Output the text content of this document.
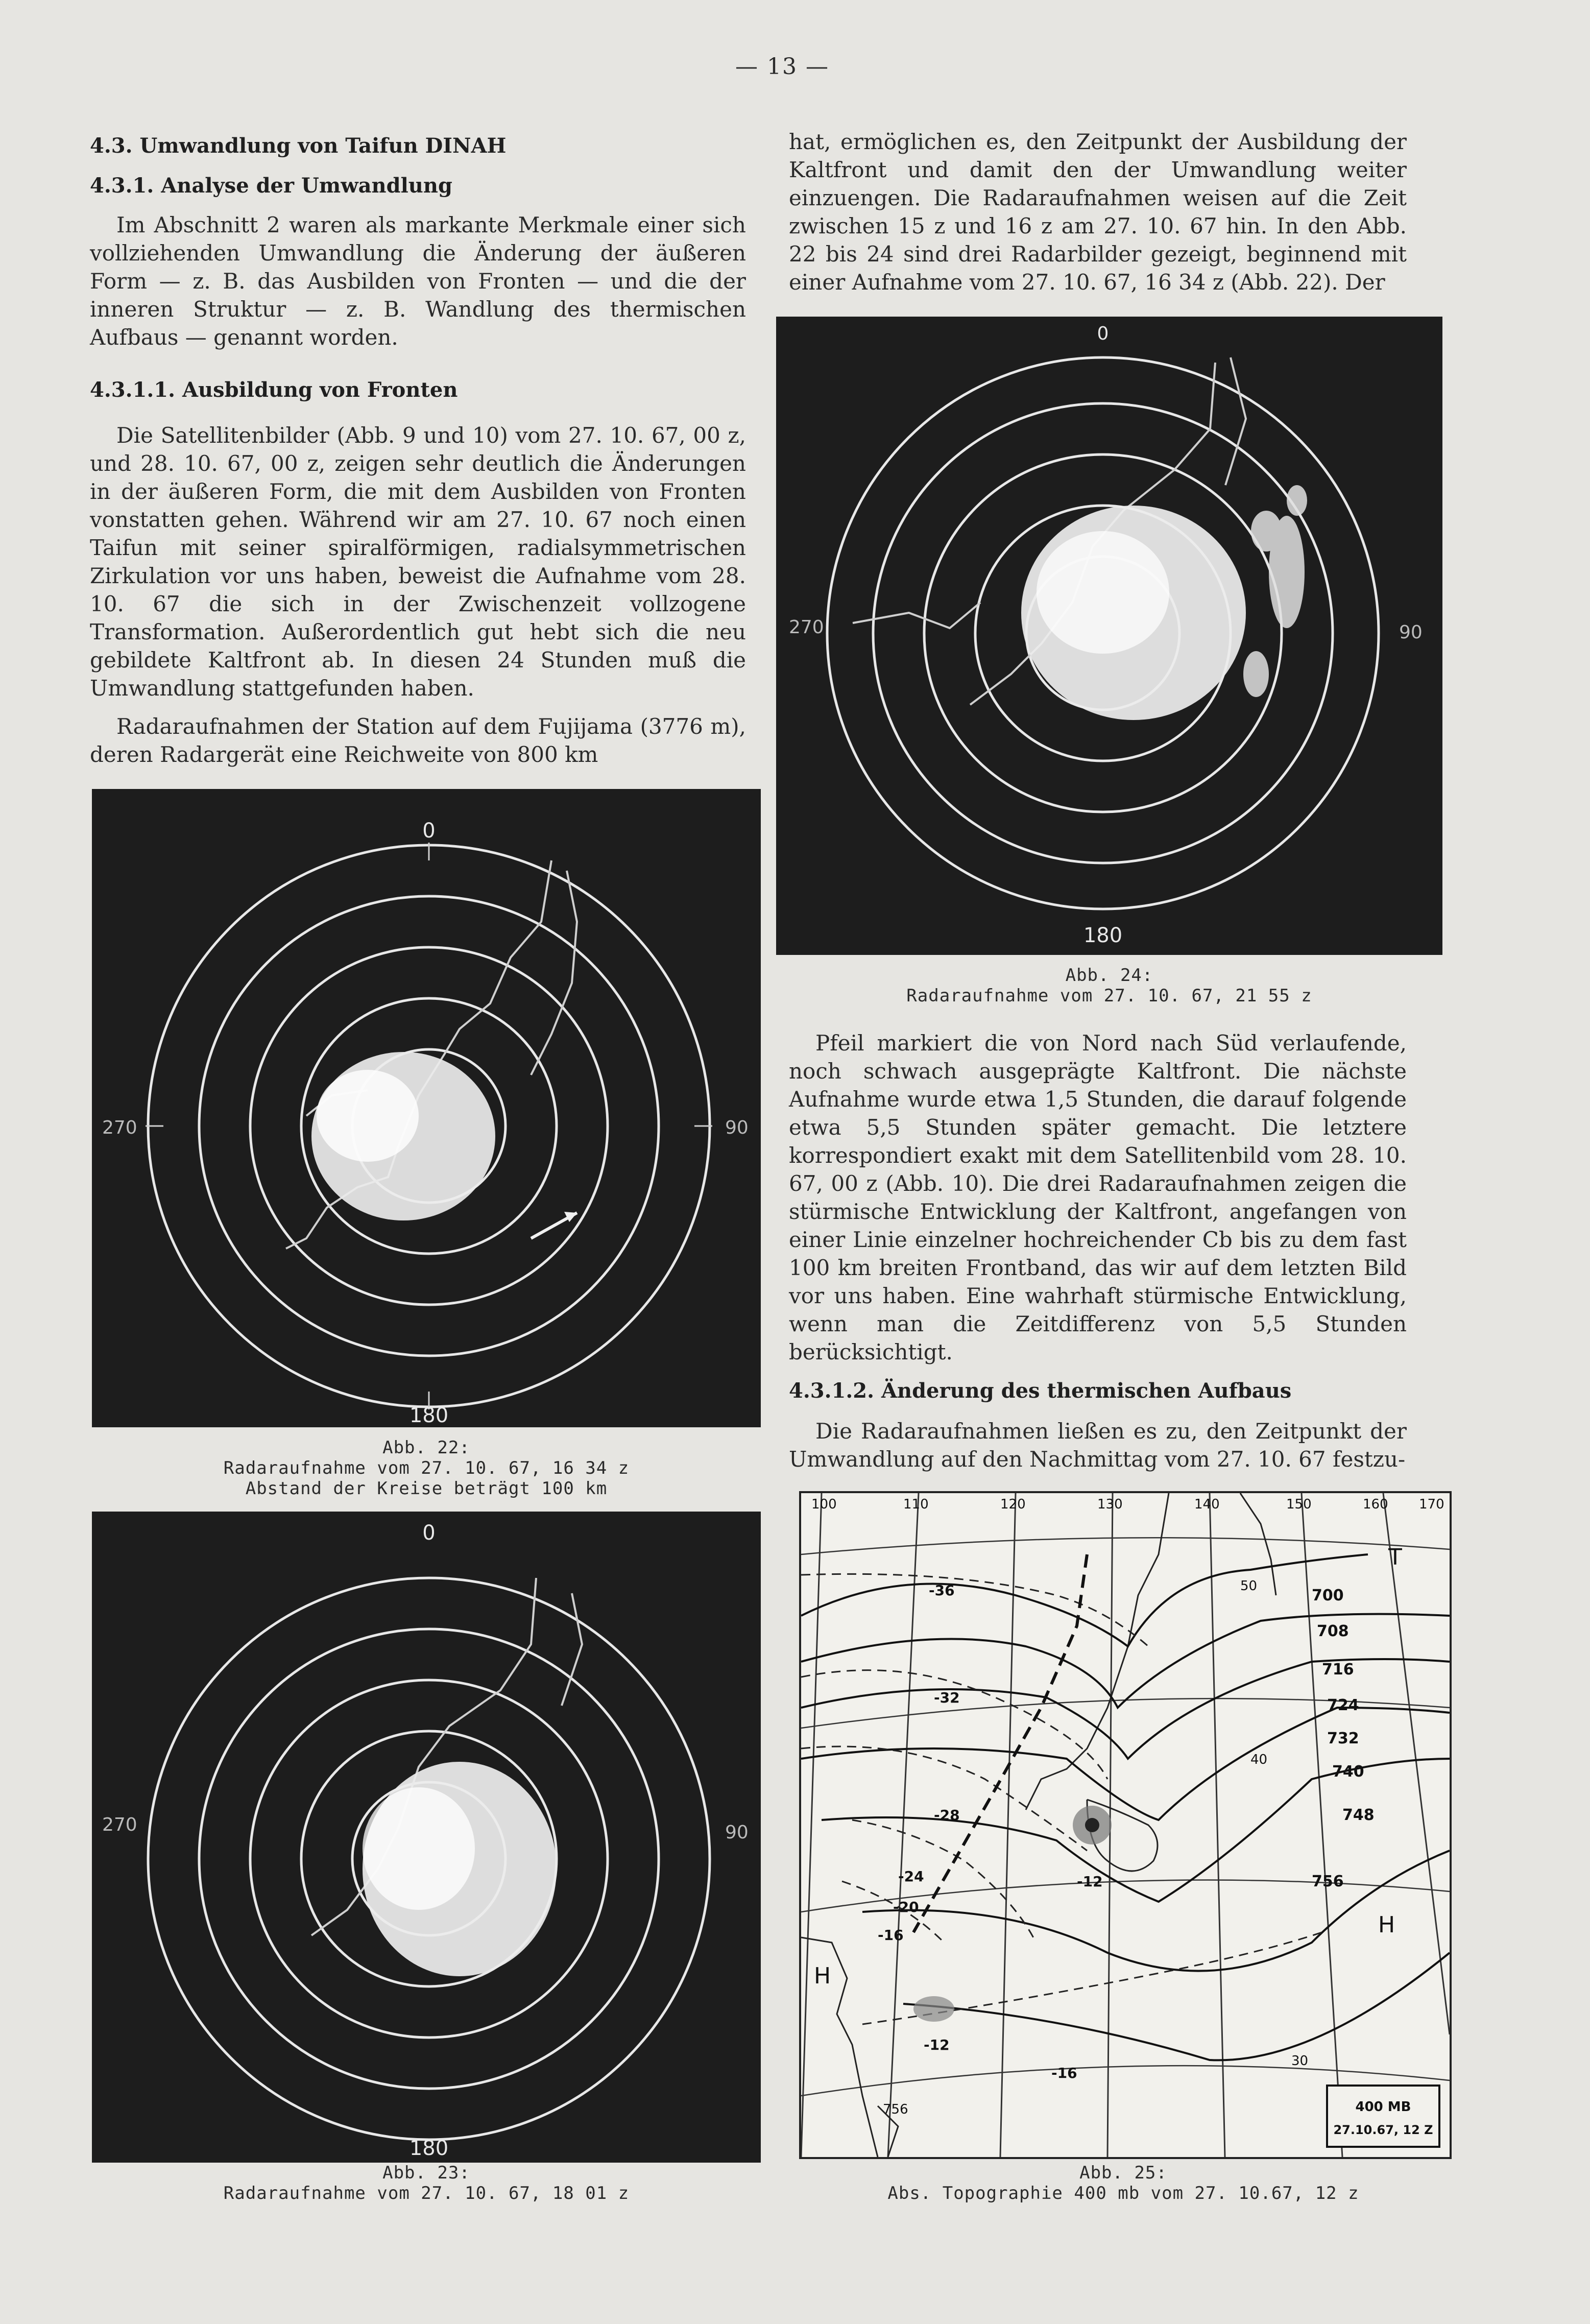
— 13 —
4.3. Umwandlung von Taifun DINAH
4.3.1. Analyse der Umwandlung

Im Abschnitt 2 waren als markante Merkmale einer sich vollziehenden Umwandlung die Änderung der äußeren Form — z. B. das Ausbilden von Fronten — und die der inneren Struktur — z. B. Wandlung des thermischen Aufbaus — genannt worden.

4.3.1.1. Ausbildung von Fronten

Die Satellitenbilder (Abb. 9 und 10) vom 27. 10. 67, 00 z, und 28. 10. 67, 00 z, zeigen sehr deutlich die Änderungen in der äußeren Form, die mit dem Ausbilden von Fronten vonstatten gehen. Während wir am 27. 10. 67 noch einen Taifun mit seiner spiralförmigen, radialsymmetrischen Zirkulation vor uns haben, beweist die Aufnahme vom 28. 10. 67 die sich in der Zwischenzeit vollzogene Transformation. Außerordentlich gut hebt sich die neu gebildete Kaltfront ab. In diesen 24 Stunden muß die Umwandlung stattgefunden haben.

Radaraufnahmen der Station auf dem Fujijama (3776 m), deren Radargerät eine Reichweite von 800 km

hat, ermöglichen es, den Zeitpunkt der Ausbildung der Kaltfront und damit den der Umwandlung weiter einzuengen. Die Radaraufnahmen weisen auf die Zeit zwischen 15 z und 16 z am 27. 10. 67 hin. In den Abb. 22 bis 24 sind drei Radarbilder gezeigt, beginnend mit einer Aufnahme vom 27. 10. 67, 16 34 z (Abb. 22). Der

0
180
270	90
Abb. 22:
Radaraufnahme vom 27. 10. 67, 16 34 z
Abstand der Kreise beträgt 100 km
0
180
270	90
Abb. 23:
Radaraufnahme vom 27. 10. 67, 18 01 z
0
180
270	90
Abb. 24:
Radaraufnahme vom 27. 10. 67, 21 55 z

Pfeil markiert die von Nord nach Süd verlaufende, noch schwach ausgeprägte Kaltfront. Die nächste Aufnahme wurde etwa 1,5 Stunden, die darauf folgende etwa 5,5 Stunden später gemacht. Die letztere korrespondiert exakt mit dem Satellitenbild vom 28. 10. 67, 00 z (Abb. 10). Die drei Radaraufnahmen zeigen die stürmische Entwicklung der Kaltfront, angefangen von einer Linie einzelner hochreichender Cb bis zu dem fast 100 km breiten Frontband, das wir auf dem letzten Bild vor uns haben. Eine wahrhaft stürmische Entwicklung, wenn man die Zeitdifferenz von 5,5 Stunden berücksichtigt.

4.3.1.2. Änderung des thermischen Aufbaus

Die Radaraufnahmen ließen es zu, den Zeitpunkt der Umwandlung auf den Nachmittag vom 27. 10. 67 festzu-

100	110	120	130	140	150	160 170
700
708
716
724
732
740
748
756
-36
-32
-28
-24
-20
-16
-12
-12
-16
50
40
30
756
T
H
H
400 MB
27.10.67, 12 Z
Abb. 25:
Abs. Topographie 400 mb vom 27. 10.67, 12 z
